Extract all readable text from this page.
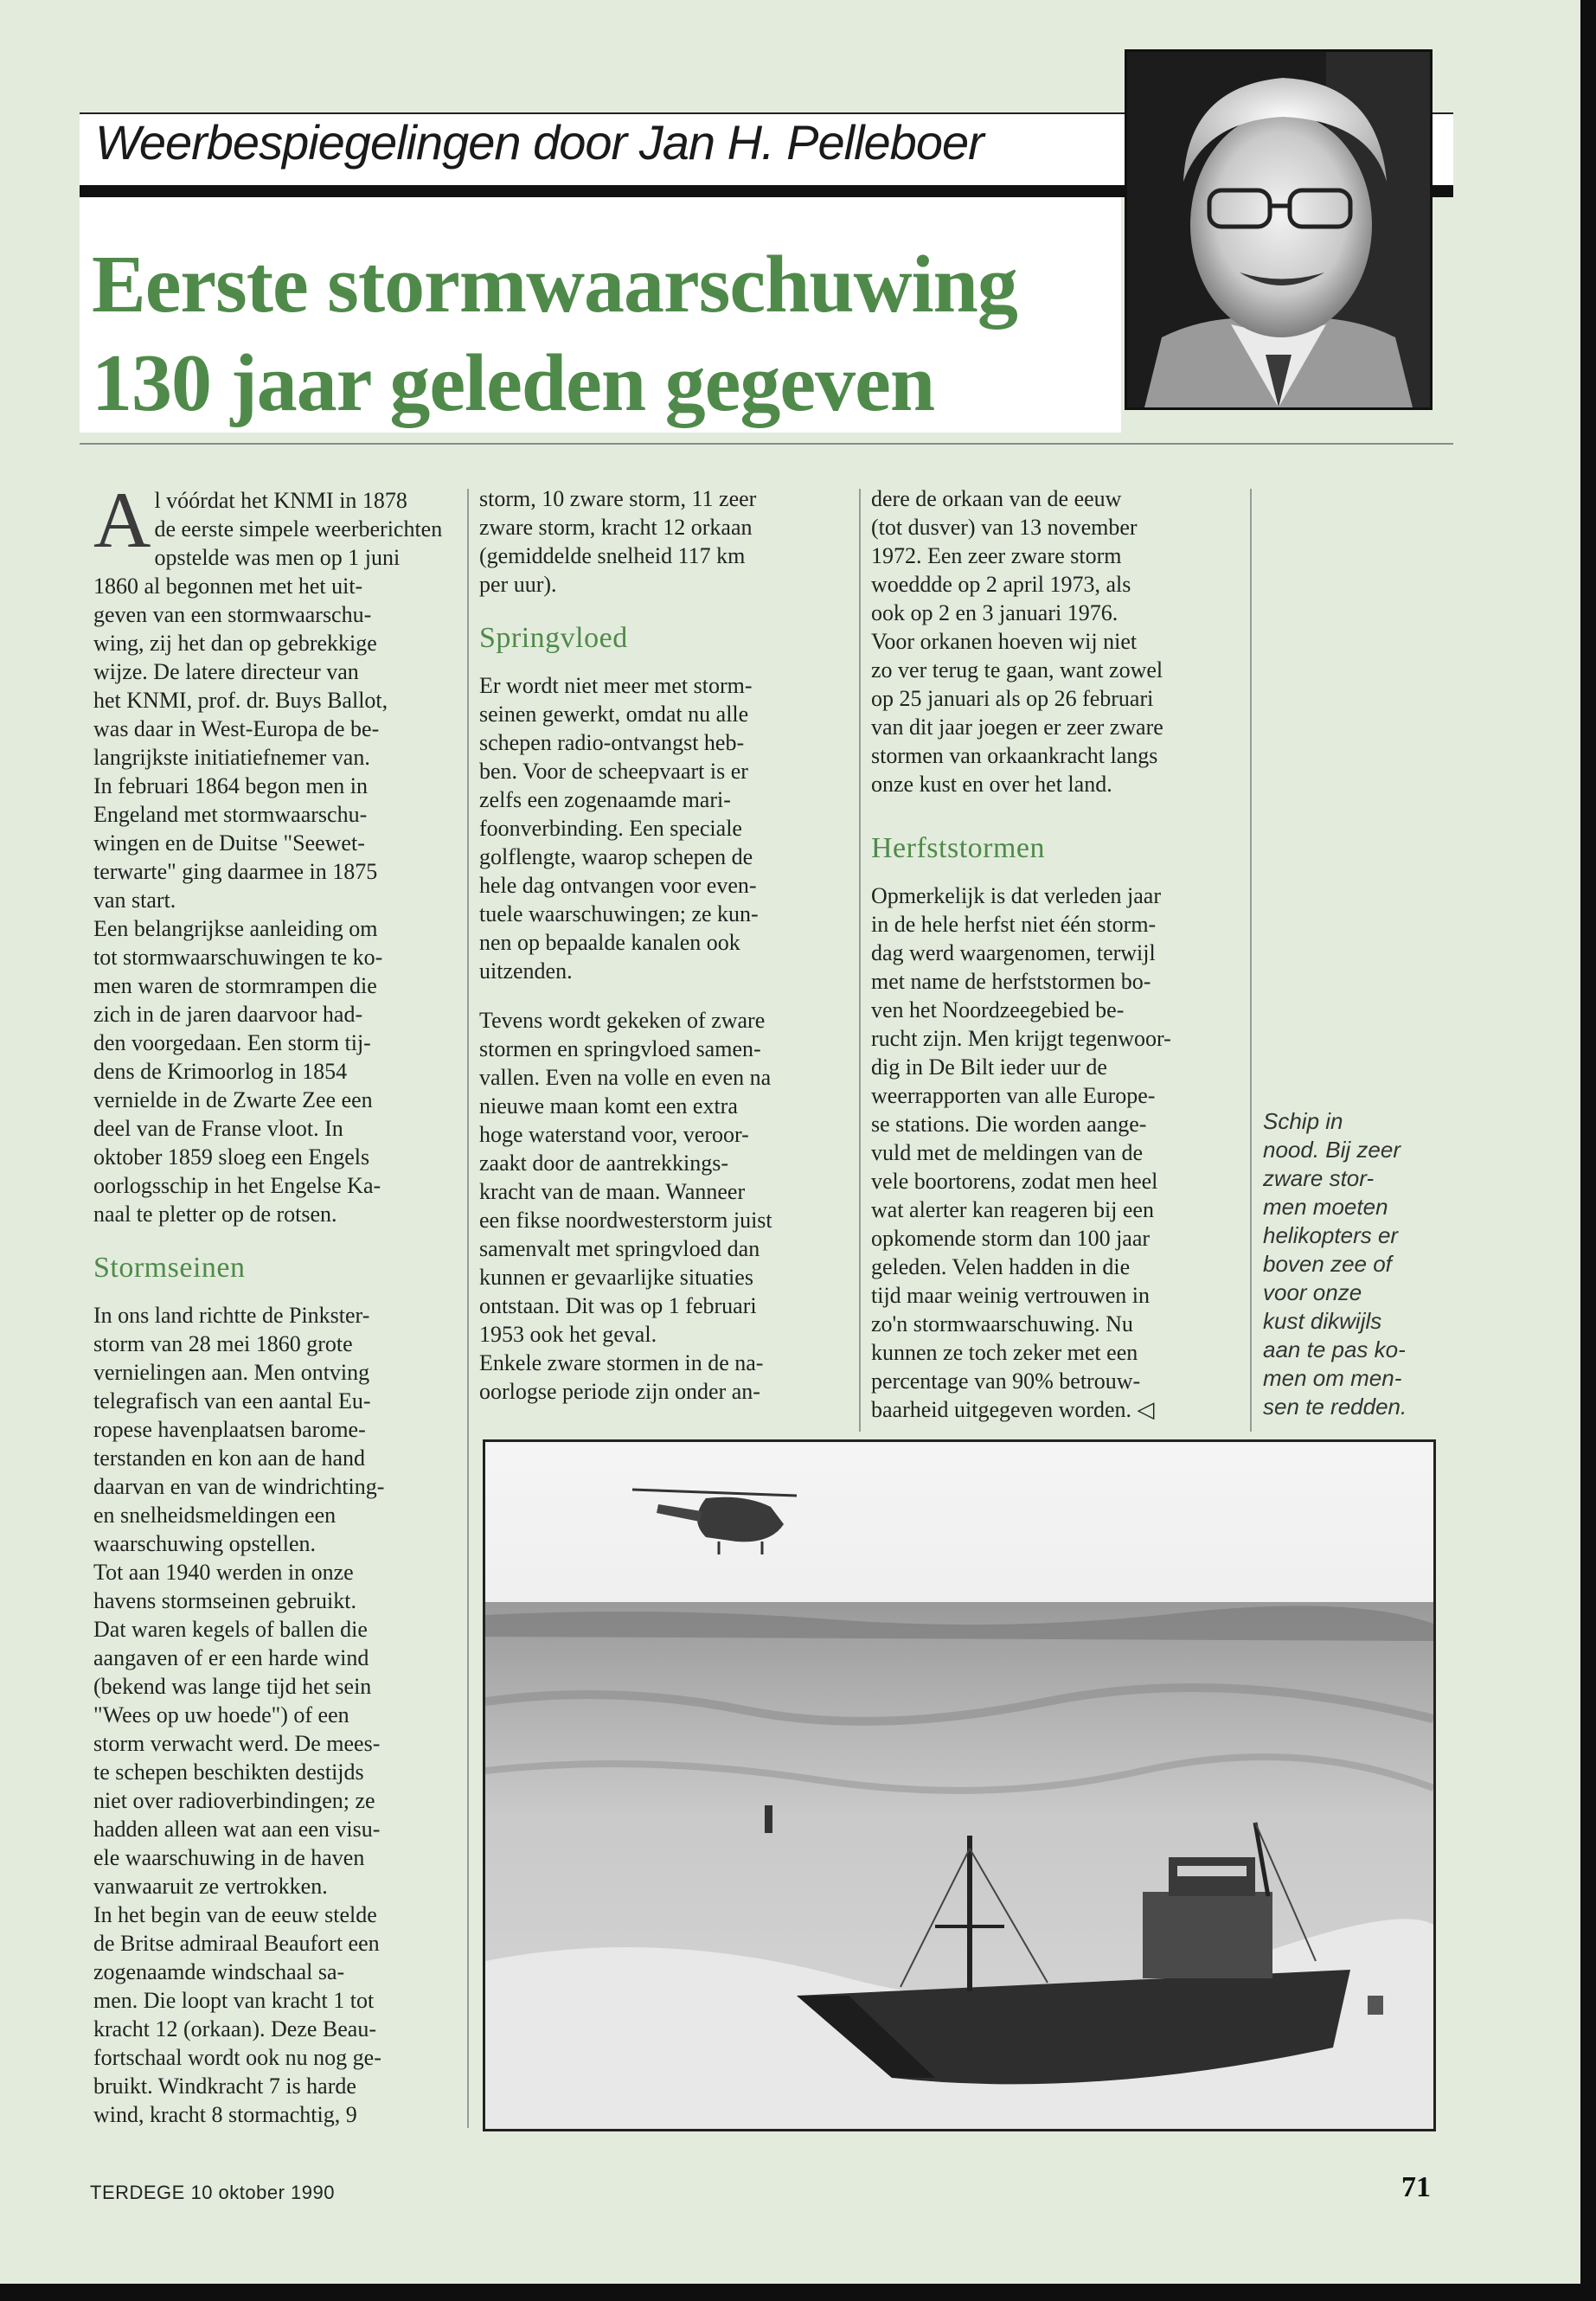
Weerbespiegelingen door Jan H. Pelleboer
Eerste stormwaarschuwing
130 jaar geleden gegeven

A l vóórdat het KNMI in 1878
de eerste simpele weerberichten
opstelde was men op 1 juni
1860 al begonnen met het uit-
geven van een stormwaarschu-
wing, zij het dan op gebrekkige
wijze. De latere directeur van
het KNMI, prof. dr. Buys Ballot,
was daar in West-Europa de be-
langrijkste initiatiefnemer van.
In februari 1864 begon men in
Engeland met stormwaarschu-
wingen en de Duitse "Seewet-
terwarte" ging daarmee in 1875
van start.
Een belangrijkse aanleiding om
tot stormwaarschuwingen te ko-
men waren de stormrampen die
zich in de jaren daarvoor had-
den voorgedaan. Een storm tij-
dens de Krimoorlog in 1854
vernielde in de Zwarte Zee een
deel van de Franse vloot. In
oktober 1859 sloeg een Engels
oorlogsschip in het Engelse Ka-
naal te pletter op de rotsen.

Stormseinen

In ons land richtte de Pinkster-
storm van 28 mei 1860 grote
vernielingen aan. Men ontving
telegrafisch van een aantal Eu-
ropese havenplaatsen barome-
terstanden en kon aan de hand
daarvan en van de windrichting-
en snelheidsmeldingen een
waarschuwing opstellen.
Tot aan 1940 werden in onze
havens stormseinen gebruikt.
Dat waren kegels of ballen die
aangaven of er een harde wind
(bekend was lange tijd het sein
"Wees op uw hoede") of een
storm verwacht werd. De mees-
te schepen beschikten destijds
niet over radioverbindingen; ze
hadden alleen wat aan een visu-
ele waarschuwing in de haven
vanwaaruit ze vertrokken.
In het begin van de eeuw stelde
de Britse admiraal Beaufort een
zogenaamde windschaal sa-
men. Die loopt van kracht 1 tot
kracht 12 (orkaan). Deze Beau-
fortschaal wordt ook nu nog ge-
bruikt. Windkracht 7 is harde
wind, kracht 8 stormachtig, 9

storm, 10 zware storm, 11 zeer
zware storm, kracht 12 orkaan
(gemiddelde snelheid 117 km
per uur).

Springvloed

Er wordt niet meer met storm-
seinen gewerkt, omdat nu alle
schepen radio-ontvangst heb-
ben. Voor de scheepvaart is er
zelfs een zogenaamde mari-
foonverbinding. Een speciale
golflengte, waarop schepen de
hele dag ontvangen voor even-
tuele waarschuwingen; ze kun-
nen op bepaalde kanalen ook
uitzenden.

Tevens wordt gekeken of zware
stormen en springvloed samen-
vallen. Even na volle en even na
nieuwe maan komt een extra
hoge waterstand voor, veroor-
zaakt door de aantrekkings-
kracht van de maan. Wanneer
een fikse noordwesterstorm juist
samenvalt met springvloed dan
kunnen er gevaarlijke situaties
ontstaan. Dit was op 1 februari
1953 ook het geval.
Enkele zware stormen in de na-
oorlogse periode zijn onder an-

dere de orkaan van de eeuw
(tot dusver) van 13 november
1972. Een zeer zware storm
woeddde op 2 april 1973, als
ook op 2 en 3 januari 1976.
Voor orkanen hoeven wij niet
zo ver terug te gaan, want zowel
op 25 januari als op 26 februari
van dit jaar joegen er zeer zware
stormen van orkaankracht langs
onze kust en over het land.

Herfststormen

Opmerkelijk is dat verleden jaar
in de hele herfst niet één storm-
dag werd waargenomen, terwijl
met name de herfststormen bo-
ven het Noordzeegebied be-
rucht zijn. Men krijgt tegenwoor-
dig in De Bilt ieder uur de
weerrapporten van alle Europe-
se stations. Die worden aange-
vuld met de meldingen van de
vele boortorens, zodat men heel
wat alerter kan reageren bij een
opkomende storm dan 100 jaar
geleden. Velen hadden in die
tijd maar weinig vertrouwen in
zo'n stormwaarschuwing. Nu
kunnen ze toch zeker met een
percentage van 90% betrouw-
baarheid uitgegeven worden. ◁

Schip in
nood. Bij zeer
zware stor-
men moeten
helikopters er
boven zee of
voor onze
kust dikwijls
aan te pas ko-
men om men-
sen te redden.
TERDEGE 10 oktober 1990	71
